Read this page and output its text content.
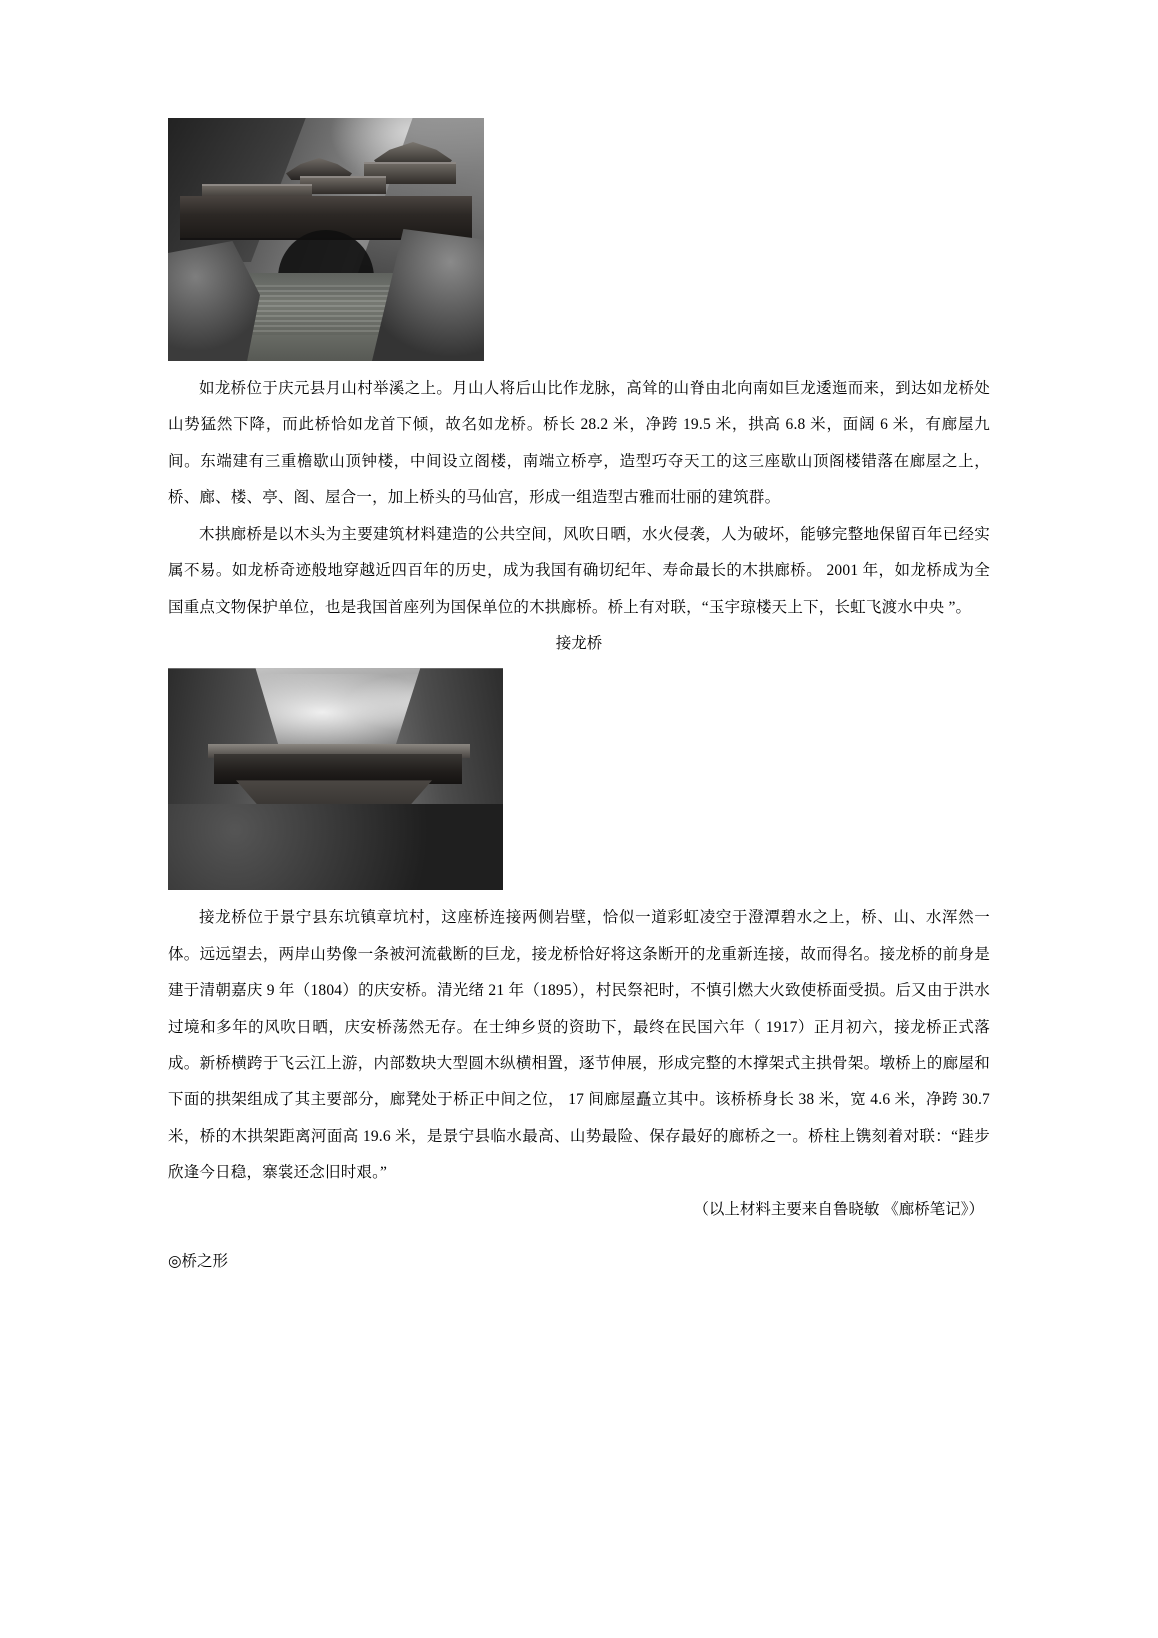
如龙桥位于庆元县月山村举溪之上。月山人将后山比作龙脉，高耸的山脊由北向南如巨龙逶迤而来，到达如龙桥处山势猛然下降，而此桥恰如龙首下倾，故名如龙桥。桥长 28.2 米，净跨 19.5 米，拱高 6.8 米，面阔 6 米，有廊屋九间。东端建有三重檐歇山顶钟楼，中间设立阁楼，南端立桥亭，造型巧夺天工的这三座歇山顶阁楼错落在廊屋之上，桥、廊、楼、亭、阁、屋合一，加上桥头的马仙宫，形成一组造型古雅而壮丽的建筑群。

木拱廊桥是以木头为主要建筑材料建造的公共空间，风吹日晒，水火侵袭，人为破坏，能够完整地保留百年已经实属不易。如龙桥奇迹般地穿越近四百年的历史，成为我国有确切纪年、寿命最长的木拱廊桥。 2001 年，如龙桥成为全国重点文物保护单位，也是我国首座列为国保单位的木拱廊桥。桥上有对联，“玉宇琼楼天上下，长虹飞渡水中央 ”。

接龙桥

接龙桥位于景宁县东坑镇章坑村，这座桥连接两侧岩壁，恰似一道彩虹凌空于澄潭碧水之上，桥、山、水浑然一体。远远望去，两岸山势像一条被河流截断的巨龙，接龙桥恰好将这条断开的龙重新连接，故而得名。接龙桥的前身是建于清朝嘉庆 9 年（1804）的庆安桥。清光绪 21 年（1895），村民祭祀时，不慎引燃大火致使桥面受损。后又由于洪水过境和多年的风吹日晒，庆安桥荡然无存。在士绅乡贤的资助下，最终在民国六年（ 1917）正月初六，接龙桥正式落成。新桥横跨于飞云江上游，内部数块大型圆木纵横相置，逐节伸展，形成完整的木撑架式主拱骨架。墩桥上的廊屋和下面的拱架组成了其主要部分，廊凳处于桥正中间之位， 17 间廊屋矗立其中。该桥桥身长 38 米，宽 4.6 米，净跨 30.7 米，桥的木拱架距离河面高 19.6 米，是景宁县临水最高、山势最险、保存最好的廊桥之一。桥柱上镌刻着对联：“跬步欣逢今日稳，寨裳还念旧时艰。”

（以上材料主要来自鲁晓敏 《廊桥笔记》）

◎桥之形
